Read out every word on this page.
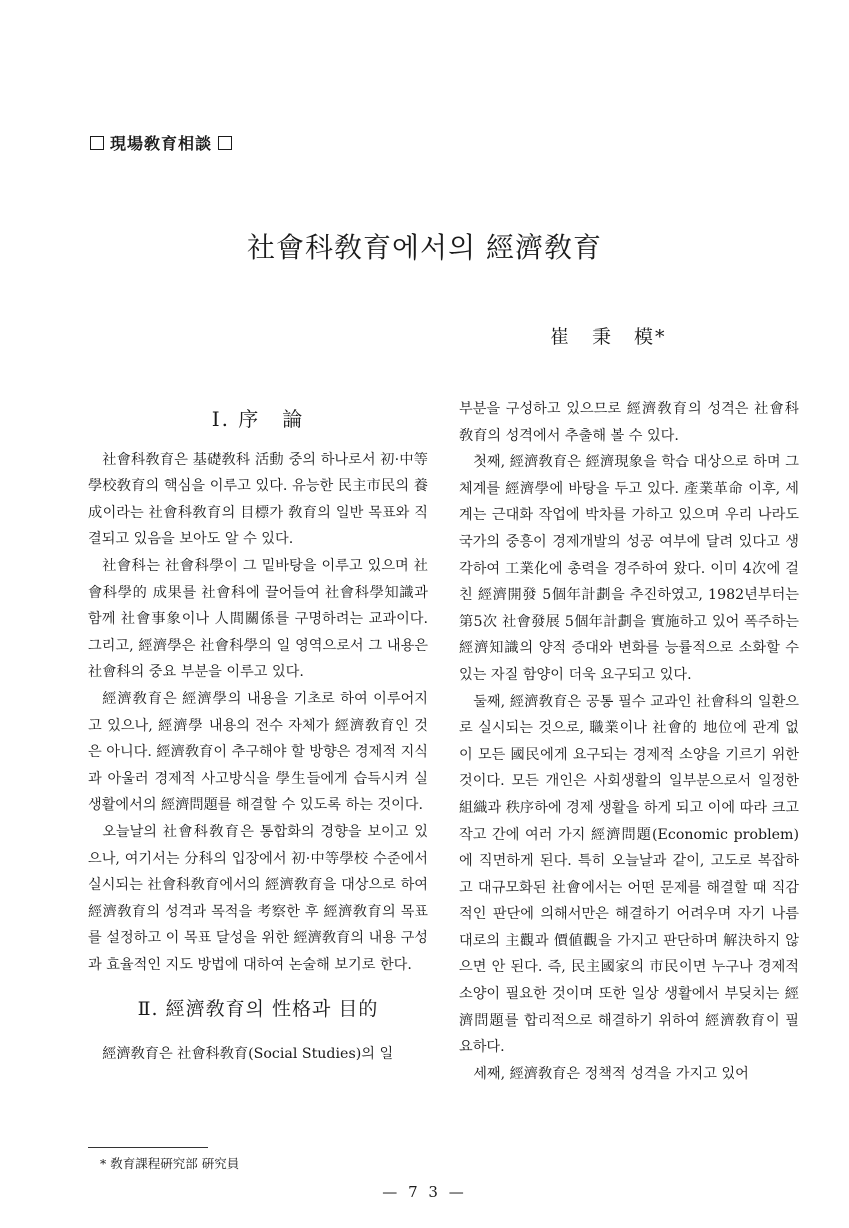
現場敎育相談
社會科敎育에서의 經濟敎育
崔　秉　模*
Ⅰ. 序　論

社會科敎育은 基礎敎科 活動 중의 하나로서 初·中等學校敎育의 핵심을 이루고 있다. 유능한 民主市民의 養成이라는 社會科敎育의 目標가 敎育의 일반 목표와 직결되고 있음을 보아도 알 수 있다.

社會科는 社會科學이 그 밑바탕을 이루고 있으며 社會科學的 成果를 社會科에 끌어들여 社會科學知識과 함께 社會事象이나 人間關係를 구명하려는 교과이다. 그리고, 經濟學은 社會科學의 일 영역으로서 그 내용은 社會科의 중요 부분을 이루고 있다.

經濟敎育은 經濟學의 내용을 기초로 하여 이루어지고 있으나, 經濟學 내용의 전수 자체가 經濟敎育인 것은 아니다. 經濟敎育이 추구해야 할 방향은 경제적 지식과 아울러 경제적 사고방식을 學生들에게 습득시켜 실생활에서의 經濟問題를 해결할 수 있도록 하는 것이다.

오늘날의 社會科敎育은 통합화의 경향을 보이고 있으나, 여기서는 分科의 입장에서 初·中等學校 수준에서 실시되는 社會科敎育에서의 經濟敎育을 대상으로 하여 經濟敎育의 성격과 목적을 考察한 후 經濟敎育의 목표를 설정하고 이 목표 달성을 위한 經濟敎育의 내용 구성과 효율적인 지도 방법에 대하여 논술해 보기로 한다.

Ⅱ. 經濟敎育의 性格과 目的

經濟敎育은 社會科敎育(Social Studies)의 일

부분을 구성하고 있으므로 經濟敎育의 성격은 社會科敎育의 성격에서 추출해 볼 수 있다.

첫째, 經濟敎育은 經濟現象을 학습 대상으로 하며 그 체계를 經濟學에 바탕을 두고 있다. 產業革命 이후, 세계는 근대화 작업에 박차를 가하고 있으며 우리 나라도 국가의 중흥이 경제개발의 성공 여부에 달려 있다고 생각하여 工業化에 총력을 경주하여 왔다. 이미 4次에 걸친 經濟開發 5個年計劃을 추진하였고, 1982년부터는 第5次 社會發展 5個年計劃을 實施하고 있어 폭주하는 經濟知識의 양적 증대와 변화를 능률적으로 소화할 수 있는 자질 함양이 더욱 요구되고 있다.

둘째, 經濟敎育은 공통 필수 교과인 社會科의 일환으로 실시되는 것으로, 職業이나 社會的 地位에 관계 없이 모든 國民에게 요구되는 경제적 소양을 기르기 위한 것이다. 모든 개인은 사회생활의 일부분으로서 일정한 組織과 秩序하에 경제 생활을 하게 되고 이에 따라 크고작고 간에 여러 가지 經濟問題(Economic problem)에 직면하게 된다. 특히 오늘날과 같이, 고도로 복잡하고 대규모화된 社會에서는 어떤 문제를 해결할 때 직감적인 판단에 의해서만은 해결하기 어려우며 자기 나름대로의 主觀과 價値觀을 가지고 판단하며 解決하지 않으면 안 된다. 즉, 民主國家의 市民이면 누구나 경제적 소양이 필요한 것이며 또한 일상 생활에서 부딪치는 經濟問題를 합리적으로 해결하기 위하여 經濟敎育이 필요하다.

세째, 經濟敎育은 정책적 성격을 가지고 있어

* 敎育課程硏究部 硏究員
— 7 3 —
